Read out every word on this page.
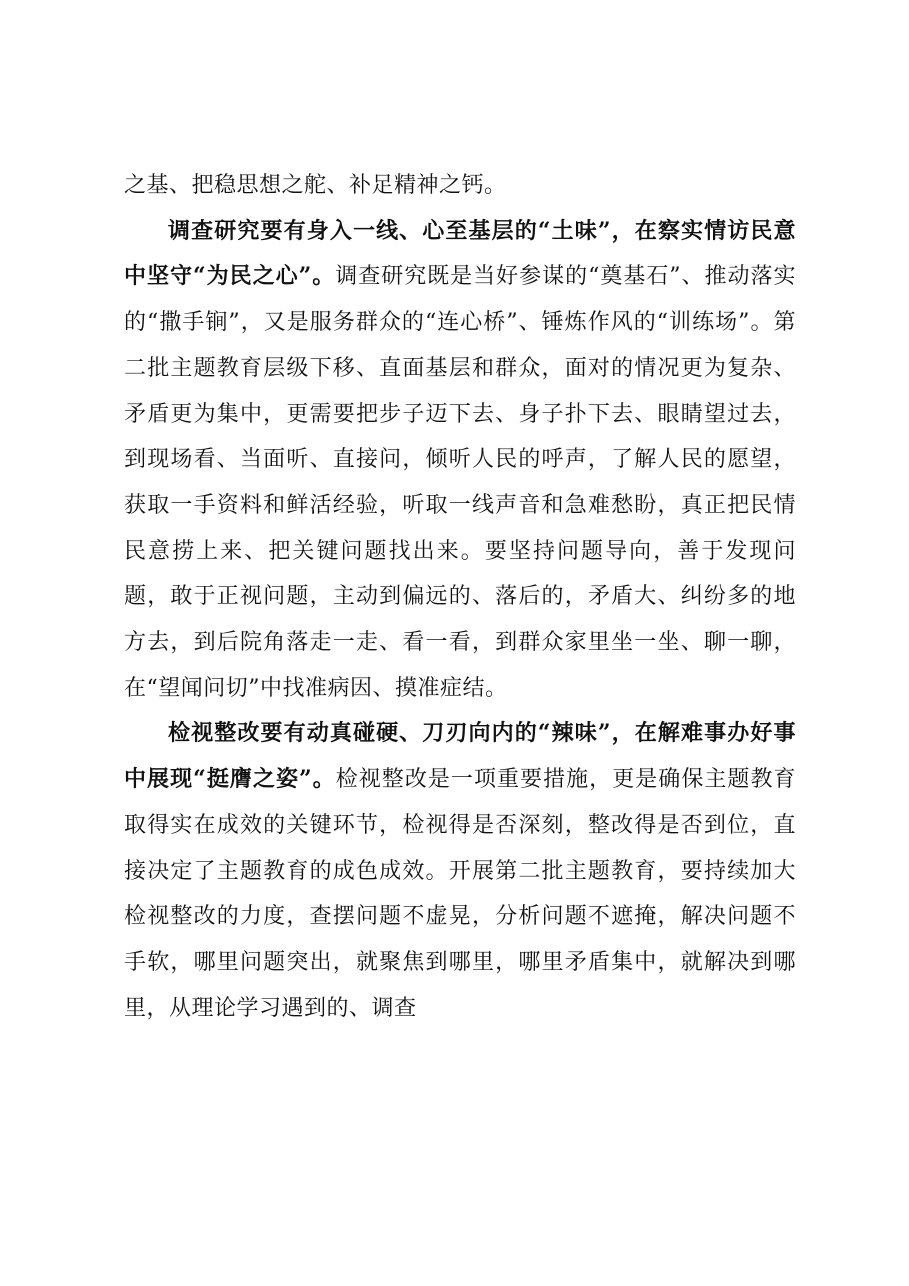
之基、把稳思想之舵、补足精神之钙。

调查研究要有身入一线、心至基层的“土味”，在察实情访民意中坚守“为民之心”。调查研究既是当好参谋的“奠基石”、推动落实的“撒手锏”，又是服务群众的“连心桥”、锤炼作风的“训练场”。第二批主题教育层级下移、直面基层和群众，面对的情况更为复杂、矛盾更为集中，更需要把步子迈下去、身子扑下去、眼睛望过去，到现场看、当面听、直接问，倾听人民的呼声，了解人民的愿望，获取一手资料和鲜活经验，听取一线声音和急难愁盼，真正把民情民意捞上来、把关键问题找出来。要坚持问题导向，善于发现问题，敢于正视问题，主动到偏远的、落后的，矛盾大、纠纷多的地方去，到后院角落走一走、看一看，到群众家里坐一坐、聊一聊，在“望闻问切”中找准病因、摸准症结。

检视整改要有动真碰硬、刀刃向内的“辣味”，在解难事办好事中展现“挺膺之姿”。检视整改是一项重要措施，更是确保主题教育取得实在成效的关键环节，检视得是否深刻，整改得是否到位，直接决定了主题教育的成色成效。开展第二批主题教育，要持续加大检视整改的力度，查摆问题不虚晃，分析问题不遮掩，解决问题不手软，哪里问题突出，就聚焦到哪里，哪里矛盾集中，就解决到哪里，从理论学习遇到的、调查
